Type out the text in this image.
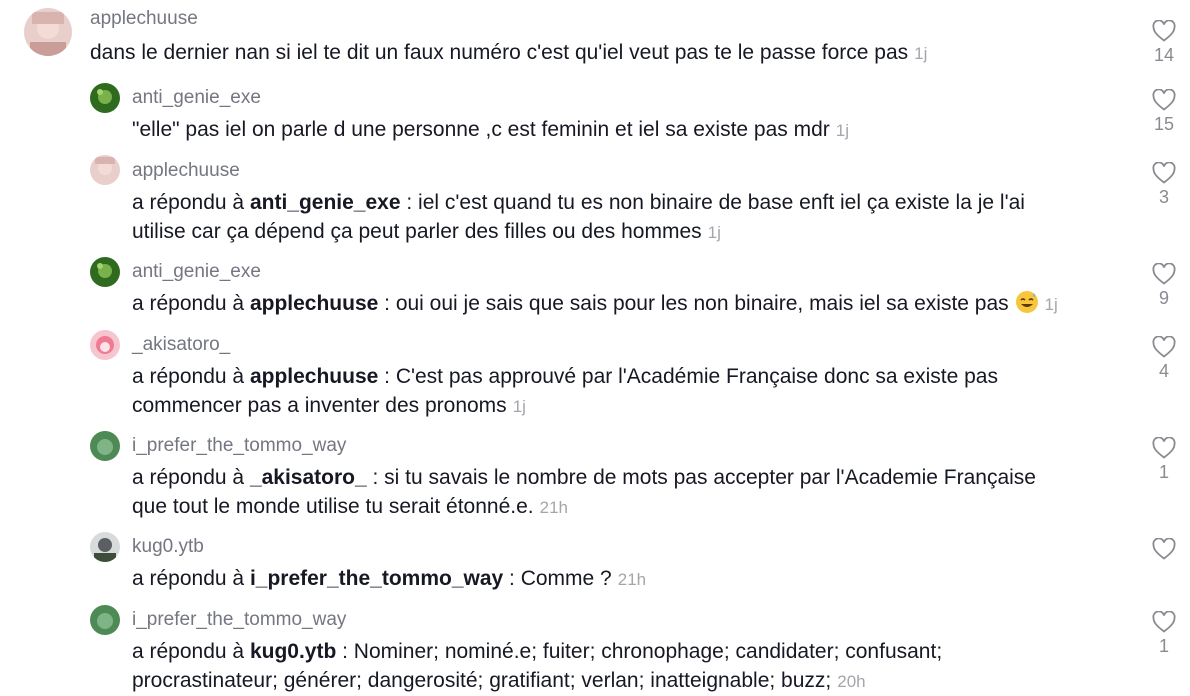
applechuuse
dans le dernier nan si iel te dit un faux numéro c'est qu'iel veut pas te le passe force pas 1j	14
anti_genie_exe
"elle" pas iel on parle d une personne ,c est feminin et iel sa existe pas mdr 1j	15
applechuuse
a répondu à anti_genie_exe : iel c'est quand tu es non binaire de base enft iel ça existe la je l'ai
utilise car ça dépend ça peut parler des filles ou des hommes 1j
3
anti_genie_exe
a répondu à applechuuse : oui oui je sais que sais pour les non binaire, mais iel sa existe pas 1j	9
_akisatoro_
a répondu à applechuuse : C'est pas approuvé par l'Académie Française donc sa existe pas
commencer pas a inventer des pronoms 1j
4
i_prefer_the_tommo_way
a répondu à _akisatoro_ : si tu savais le nombre de mots pas accepter par l'Academie Française
que tout le monde utilise tu serait étonné.e. 21h
1
kug0.ytb
a répondu à i_prefer_the_tommo_way : Comme ? 21h
i_prefer_the_tommo_way
a répondu à kug0.ytb : Nominer; nominé.e; fuiter; chronophage; candidater; confusant;
procrastinateur; générer; dangerosité; gratifiant; verlan; inatteignable; buzz; 20h
1
